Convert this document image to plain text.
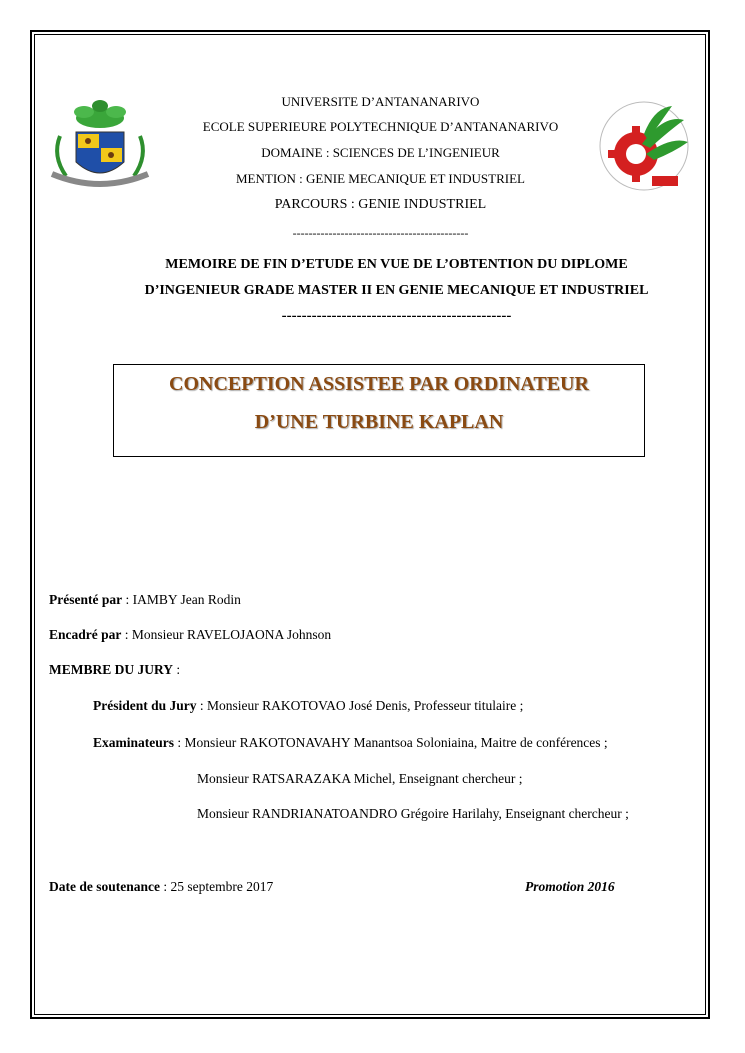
UNIVERSITE D’ANTANANARIVO
ECOLE SUPERIEURE POLYTECHNIQUE D’ANTANANARIVO
DOMAINE : SCIENCES DE L’INGENIEUR
MENTION : GENIE MECANIQUE ET INDUSTRIEL
PARCOURS : GENIE INDUSTRIEL
--------------------------------------------
MEMOIRE DE FIN D’ETUDE EN VUE DE L’OBTENTION DU DIPLOME
D’INGENIEUR GRADE MASTER II EN GENIE MECANIQUE ET INDUSTRIEL
----------------------------------------------
CONCEPTION ASSISTEE PAR ORDINATEUR
D’UNE TURBINE KAPLAN
Présenté par : IAMBY Jean Rodin
Encadré par : Monsieur RAVELOJAONA Johnson
MEMBRE DU JURY :
Président du Jury : Monsieur RAKOTOVAO José Denis, Professeur titulaire ;
Examinateurs : Monsieur RAKOTONAVAHY Manantsoa Soloniaina, Maitre de conférences ;
Monsieur RATSARAZAKA Michel, Enseignant chercheur ;
Monsieur RANDRIANATOANDRO Grégoire Harilahy, Enseignant chercheur ;
Date de soutenance : 25 septembre 2017	Promotion 2016
